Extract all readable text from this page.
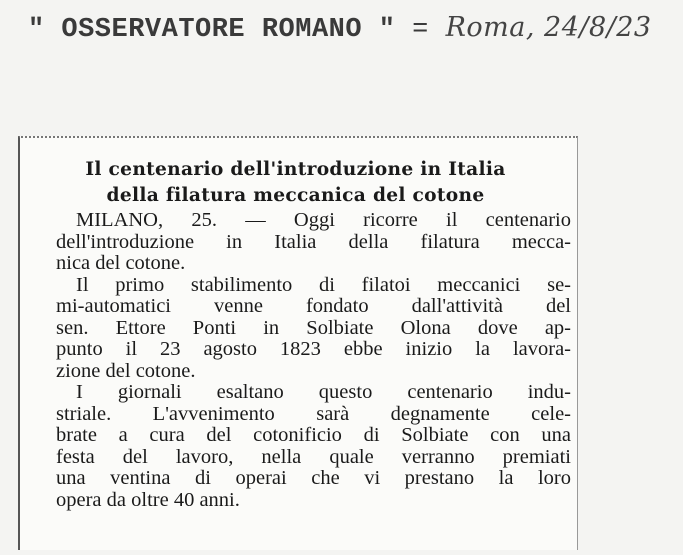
" OSSERVATORE ROMANO " = Roma, 24/8/23
Il centenario dell'introduzione in Italia
della filatura meccanica del cotone
MILANO, 25. — Oggi ricorre il centenario
dell'introduzione in Italia della filatura mecca-
nica del cotone.
Il primo stabilimento di filatoi meccanici se-
mi-automatici venne fondato dall'attività del
sen. Ettore Ponti in Solbiate Olona dove ap-
punto il 23 agosto 1823 ebbe inizio la lavora-
zione del cotone.
I giornali esaltano questo centenario indu-
striale. L'avvenimento sarà degnamente cele-
brate a cura del cotonificio di Solbiate con una
festa del lavoro, nella quale verranno premiati
una ventina di operai che vi prestano la loro
opera da oltre 40 anni.
